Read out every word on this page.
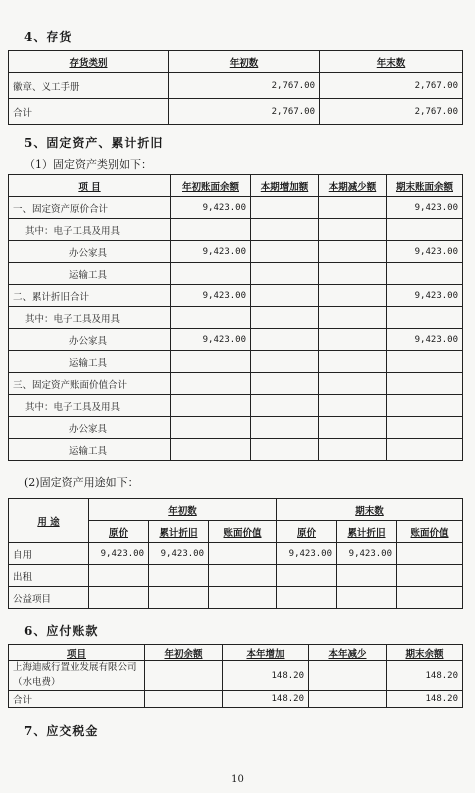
4、存货
存货类别	年初数	年末数
徽章、义工手册	2,767.00	2,767.00
合计	2,767.00	2,767.00
5、固定资产、累计折旧
（1）固定资产类别如下：
项 目	年初账面余额	本期增加额	本期减少额	期末账面余额
一、固定资产原价合计	9,423.00			9,423.00
其中：电子工具及用具				
办公家具	9,423.00			9,423.00
运输工具				
二、累计折旧合计	9,423.00			9,423.00
其中：电子工具及用具				
办公家具	9,423.00			9,423.00
运输工具				
三、固定资产账面价值合计				
其中：电子工具及用具				
办公家具				
运输工具				
(2)固定资产用途如下：
用 途	年初数			期末数		
	原价	累计折旧	账面价值	原价	累计折旧	账面价值
自用	9,423.00	9,423.00		9,423.00	9,423.00	
出租						
公益项目						
6、应付账款
项目	年初余额	本年增加	本年减少	期末余额
上海迪威行置业发展有限公司（水电费）		148.20		148.20
合计		148.20		148.20
7、应交税金
10
